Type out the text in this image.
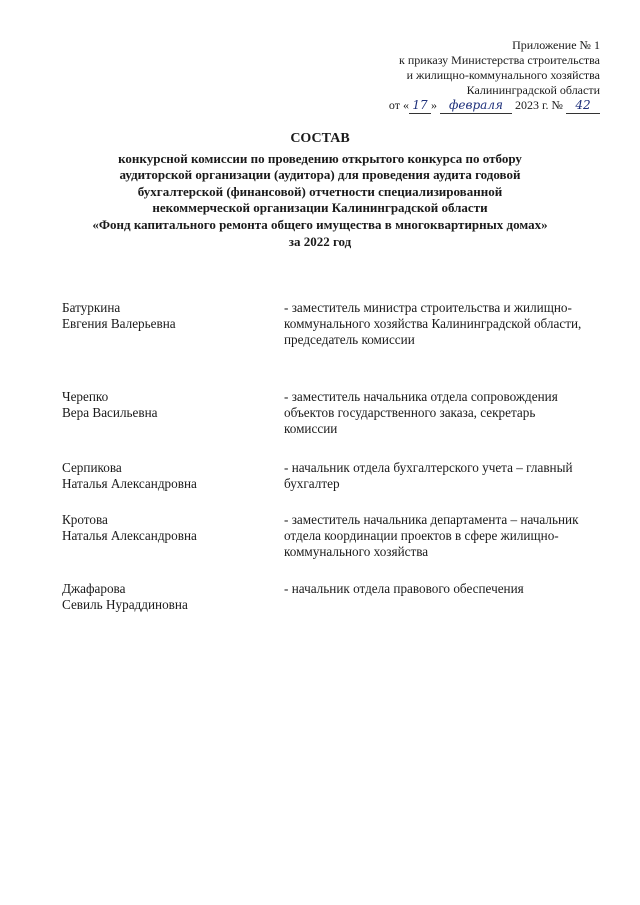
Приложение № 1
к приказу Министерства строительства
и жилищно-коммунального хозяйства
Калининградской области
от « 17 » февраля 2023 г. № 42
СОСТАВ
конкурсной комиссии по проведению открытого конкурса по отбору
аудиторской организации (аудитора) для проведения аудита годовой
бухгалтерской (финансовой) отчетности специализированной
некоммерческой организации Калининградской области
«Фонд капитального ремонта общего имущества в многоквартирных домах»
за 2022 год
Батуркина
Евгения Валерьевна
- заместитель министра строительства и жилищно-коммунального хозяйства Калининградской области, председатель комиссии
Черепко
Вера Васильевна
- заместитель начальника отдела сопровождения объектов государственного заказа, секретарь комиссии
Серпикова
Наталья Александровна
- начальник отдела бухгалтерского учета – главный бухгалтер
Кротова
Наталья Александровна
- заместитель начальника департамента – начальник отдела координации проектов в сфере жилищно-коммунального хозяйства
Джафарова
Севиль Нураддиновна
- начальник отдела правового обеспечения
